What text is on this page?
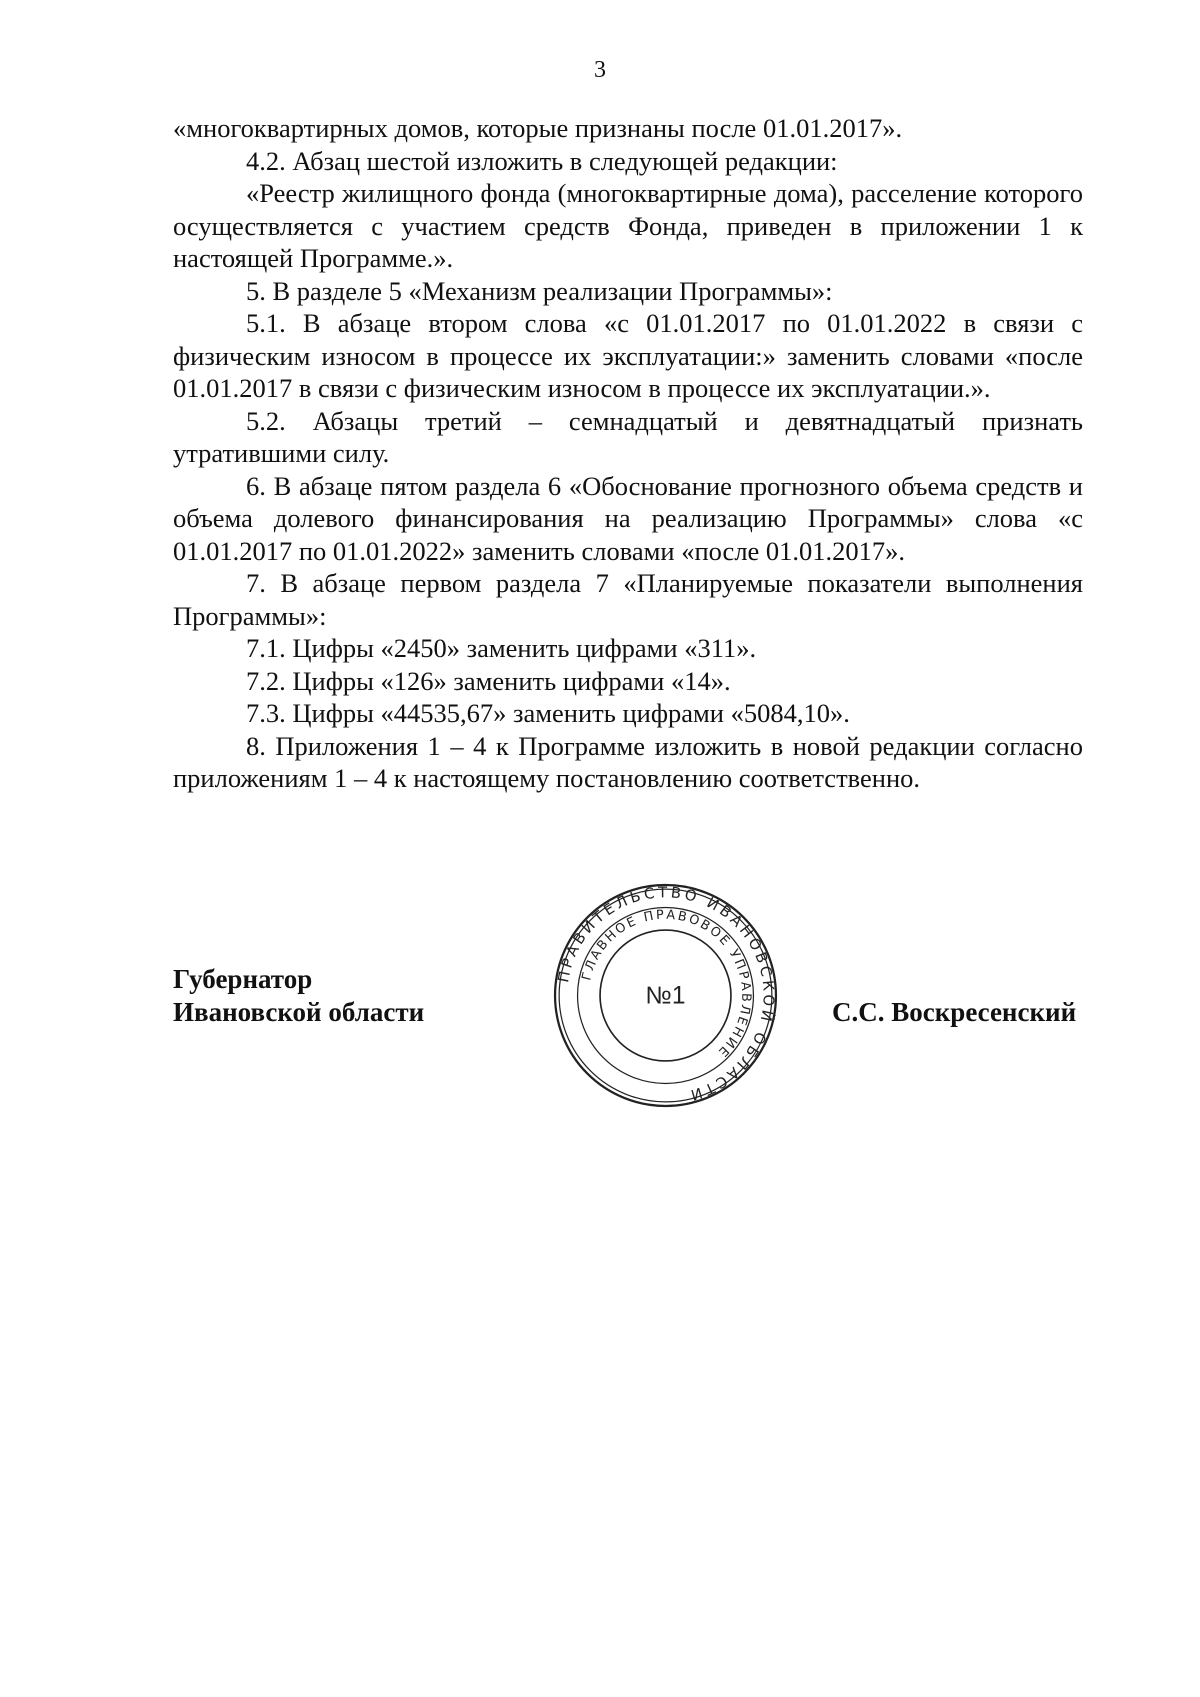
3

«многоквартирных домов, которые признаны после 01.01.2017».

4.2. Абзац шестой изложить в следующей редакции:

«Реестр жилищного фонда (многоквартирные дома), расселение которого осуществляется с участием средств Фонда, приведен в приложении 1 к настоящей Программе.».

5. В разделе 5 «Механизм реализации Программы»:

5.1. В абзаце втором слова «с 01.01.2017 по 01.01.2022 в связи с физическим износом в процессе их эксплуатации:» заменить словами «после 01.01.2017 в связи с физическим износом в процессе их эксплуатации.».

5.2. Абзацы третий – семнадцатый и девятнадцатый признать утратившими силу.

6. В абзаце пятом раздела 6 «Обоснование прогнозного объема средств и объема долевого финансирования на реализацию Программы» слова «с 01.01.2017 по 01.01.2022» заменить словами «после 01.01.2017».

7. В абзаце первом раздела 7 «Планируемые показатели выполнения Программы»:

7.1. Цифры «2450» заменить цифрами «311».

7.2. Цифры «126» заменить цифрами «14».

7.3. Цифры «44535,67» заменить цифрами «5084,10».

8. Приложения 1 – 4 к Программе изложить в новой редакции согласно приложениям 1 – 4 к настоящему постановлению соответственно.

Губернатор
Ивановской области	С.С. Воскресенский
ПРАВИТЕЛЬСТВО ИВАНОВСКОЙ ОБЛАСТИ
ГЛАВНОЕ ПРАВОВОЕ УПРАВЛЕНИЕ
№1
